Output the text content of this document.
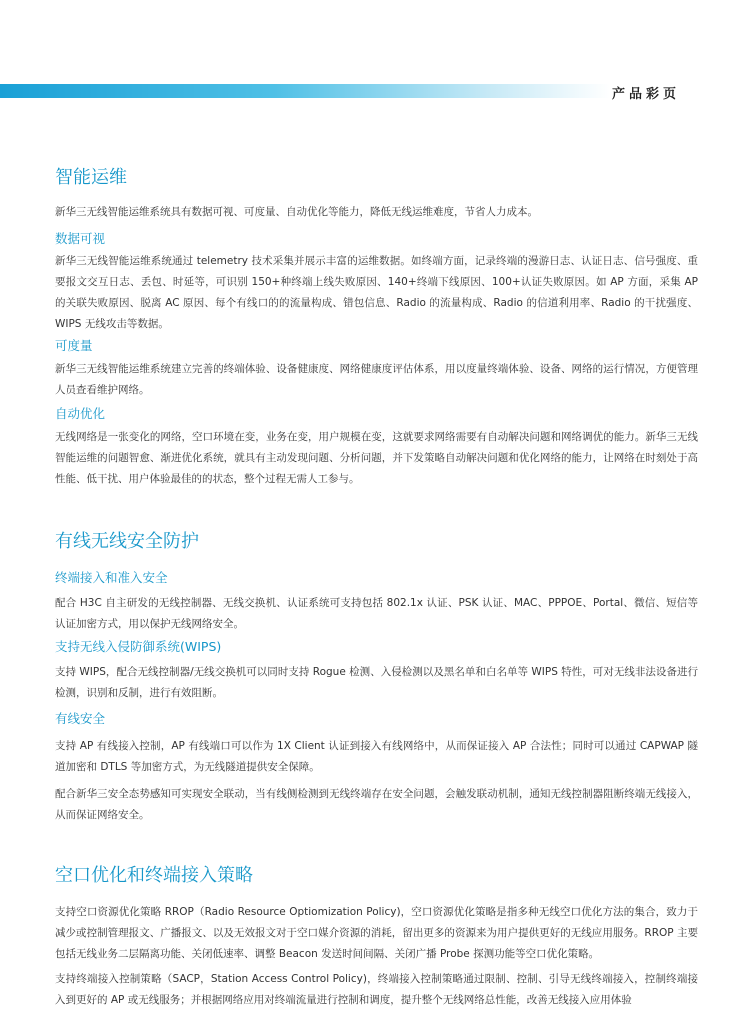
产品彩页
智能运维
新华三无线智能运维系统具有数据可视、可度量、自动优化等能力，降低无线运维难度，节省人力成本。
数据可视
新华三无线智能运维系统通过 telemetry 技术采集并展示丰富的运维数据。如终端方面，记录终端的漫游日志、认证日志、信号强度、重要报文交互日志、丢包、时延等，可识别 150+种终端上线失败原因、140+终端下线原因、100+认证失败原因。如 AP 方面，采集 AP 的关联失败原因、脱离 AC 原因、每个有线口的的流量构成、错包信息、Radio 的流量构成、Radio 的信道利用率、Radio 的干扰强度、WIPS 无线攻击等数据。
可度量
新华三无线智能运维系统建立完善的终端体验、设备健康度、网络健康度评估体系，用以度量终端体验、设备、网络的运行情况，方便管理人员查看维护网络。
自动优化
无线网络是一张变化的网络，空口环境在变，业务在变，用户规模在变，这就要求网络需要有自动解决问题和网络调优的能力。新华三无线智能运维的问题智愈、渐进优化系统，就具有主动发现问题、分析问题，并下发策略自动解决问题和优化网络的能力，让网络在时刻处于高性能、低干扰、用户体验最佳的的状态，整个过程无需人工参与。
有线无线安全防护
终端接入和准入安全
配合 H3C 自主研发的无线控制器、无线交换机、认证系统可支持包括 802.1x 认证、PSK 认证、MAC、PPPOE、Portal、微信、短信等认证加密方式，用以保护无线网络安全。
支持无线入侵防御系统(WIPS)
支持 WIPS，配合无线控制器/无线交换机可以同时支持 Rogue 检测、入侵检测以及黑名单和白名单等 WIPS 特性，可对无线非法设备进行检测，识别和反制，进行有效阻断。
有线安全
支持 AP 有线接入控制，AP 有线端口可以作为 1X Client 认证到接入有线网络中，从而保证接入 AP 合法性；同时可以通过 CAPWAP 隧道加密和 DTLS 等加密方式，为无线隧道提供安全保障。
配合新华三安全态势感知可实现安全联动，当有线侧检测到无线终端存在安全问题，会触发联动机制，通知无线控制器阻断终端无线接入，从而保证网络安全。
空口优化和终端接入策略
支持空口资源优化策略 RROP（Radio Resource Optiomization Policy)，空口资源优化策略是指多种无线空口优化方法的集合，致力于减少或控制管理报文、广播报文、以及无效报文对于空口媒介资源的消耗，留出更多的资源来为用户提供更好的无线应用服务。RROP 主要包括无线业务二层隔离功能、关闭低速率、调整 Beacon 发送时间间隔、关闭广播 Probe 探测功能等空口优化策略。
支持终端接入控制策略（SACP，Station Access Control Policy)，终端接入控制策略通过限制、控制、引导无线终端接入，控制终端接入到更好的 AP 或无线服务；并根据网络应用对终端流量进行控制和调度，提升整个无线网络总性能，改善无线接入应用体验
